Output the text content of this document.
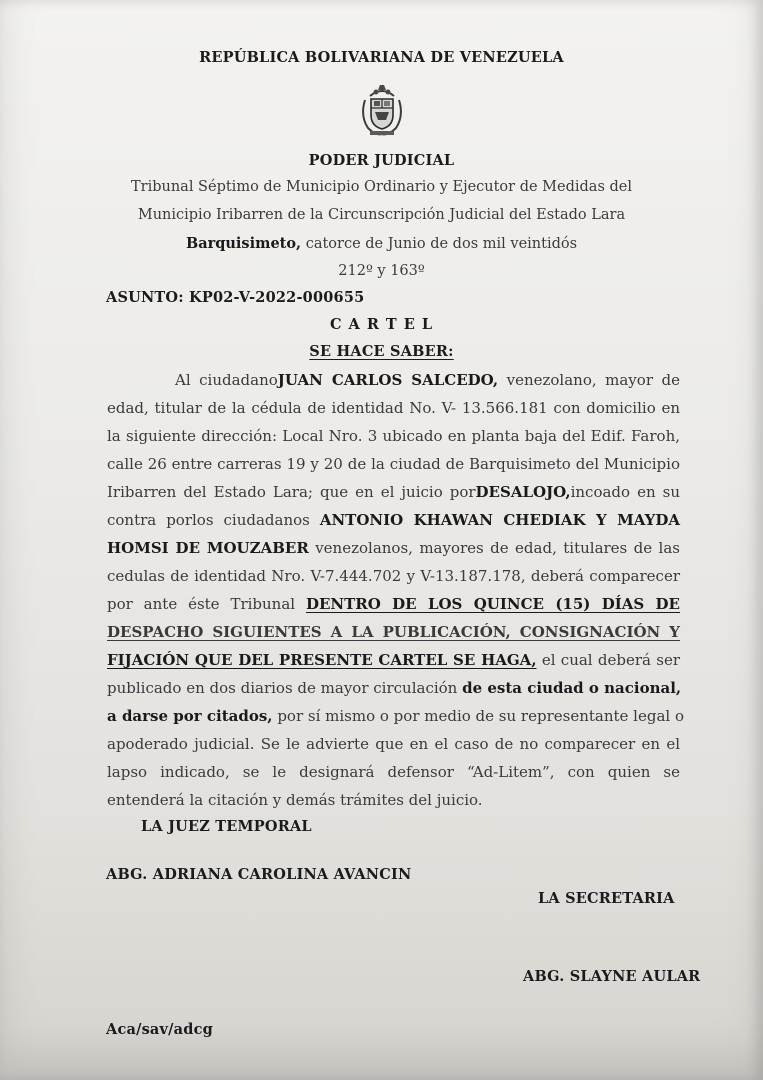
REPÚBLICA BOLIVARIANA DE VENEZUELA
PODER JUDICIAL
Tribunal Séptimo de Municipio Ordinario y Ejecutor de Medidas del
Municipio Iribarren de la Circunscripción Judicial del Estado Lara
Barquisimeto, catorce de Junio de dos mil veintidós
212º y 163º
ASUNTO: KP02-V-2022-000655
C A R T E L
SE HACE SABER:
Al ciudadanoJUAN CARLOS SALCEDO, venezolano, mayor de
edad, titular de la cédula de identidad No. V- 13.566.181 con domicilio en
la siguiente dirección: Local Nro. 3 ubicado en planta baja del Edif. Faroh,
calle 26 entre carreras 19 y 20 de la ciudad de Barquisimeto del Municipio
Iribarren del Estado Lara; que en el juicio porDESALOJO,incoado en su
contra porlos ciudadanos ANTONIO KHAWAN CHEDIAK Y MAYDA
HOMSI DE MOUZABER venezolanos, mayores de edad, titulares de las
cedulas de identidad Nro. V-7.444.702 y V-13.187.178, deberá comparecer
por ante éste Tribunal DENTRO DE LOS QUINCE (15) DÍAS DE
DESPACHO SIGUIENTES A LA PUBLICACIÓN, CONSIGNACIÓN Y
FIJACIÓN QUE DEL PRESENTE CARTEL SE HAGA, el cual deberá ser
publicado en dos diarios de mayor circulación de esta ciudad o nacional,
a darse por citados, por sí mismo o por medio de su representante legal o
apoderado judicial. Se le advierte que en el caso de no comparecer en el
lapso indicado, se le designará defensor “Ad-Litem”, con quien se
entenderá la citación y demás trámites del juicio.
LA JUEZ TEMPORAL
ABG. ADRIANA CAROLINA AVANCIN
LA SECRETARIA
ABG. SLAYNE AULAR
Aca/sav/adcg
